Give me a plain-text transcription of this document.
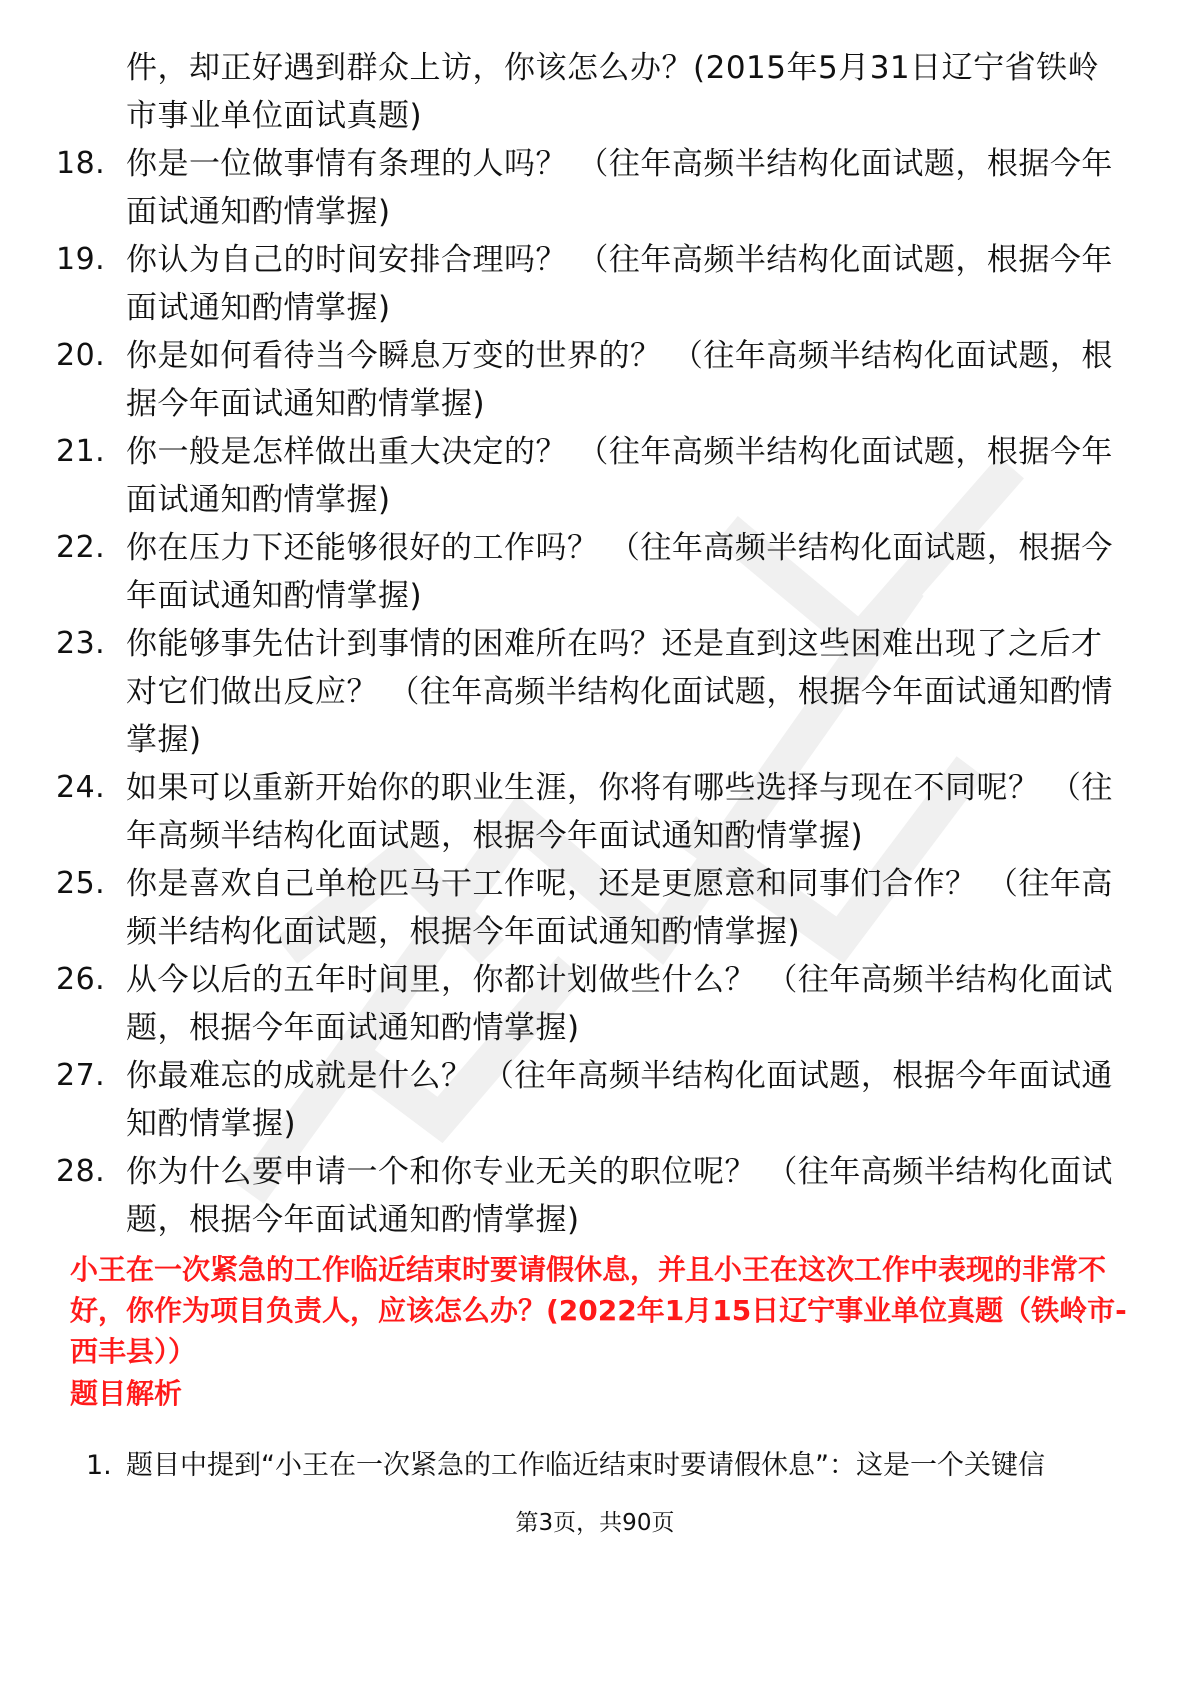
件，却正好遇到群众上访，你该怎么办？(2015年5月31日辽宁省铁岭市事业单位面试真题)
18. 你是一位做事情有条理的人吗？ （往年高频半结构化面试题，根据今年面试通知酌情掌握)
19. 你认为自己的时间安排合理吗？ （往年高频半结构化面试题，根据今年面试通知酌情掌握)
20. 你是如何看待当今瞬息万变的世界的？ （往年高频半结构化面试题，根据今年面试通知酌情掌握)
21. 你一般是怎样做出重大决定的？ （往年高频半结构化面试题，根据今年面试通知酌情掌握)
22. 你在压力下还能够很好的工作吗？ （往年高频半结构化面试题，根据今年面试通知酌情掌握)
23. 你能够事先估计到事情的困难所在吗？还是直到这些困难出现了之后才对它们做出反应？ （往年高频半结构化面试题，根据今年面试通知酌情掌握)
24. 如果可以重新开始你的职业生涯，你将有哪些选择与现在不同呢？ （往年高频半结构化面试题，根据今年面试通知酌情掌握)
25. 你是喜欢自己单枪匹马干工作呢，还是更愿意和同事们合作？ （往年高频半结构化面试题，根据今年面试通知酌情掌握)
26. 从今以后的五年时间里，你都计划做些什么？ （往年高频半结构化面试题，根据今年面试通知酌情掌握)
27. 你最难忘的成就是什么？ （往年高频半结构化面试题，根据今年面试通知酌情掌握)
28. 你为什么要申请一个和你专业无关的职位呢？ （往年高频半结构化面试题，根据今年面试通知酌情掌握)
小王在一次紧急的工作临近结束时要请假休息，并且小王在这次工作中表现的非常不好，你作为项目负责人，应该怎么办？(2022年1月15日辽宁事业单位真题（铁岭市-西丰县））
题目解析
1. 题目中提到“小王在一次紧急的工作临近结束时要请假休息”：这是一个关键信
第3页，共90页
